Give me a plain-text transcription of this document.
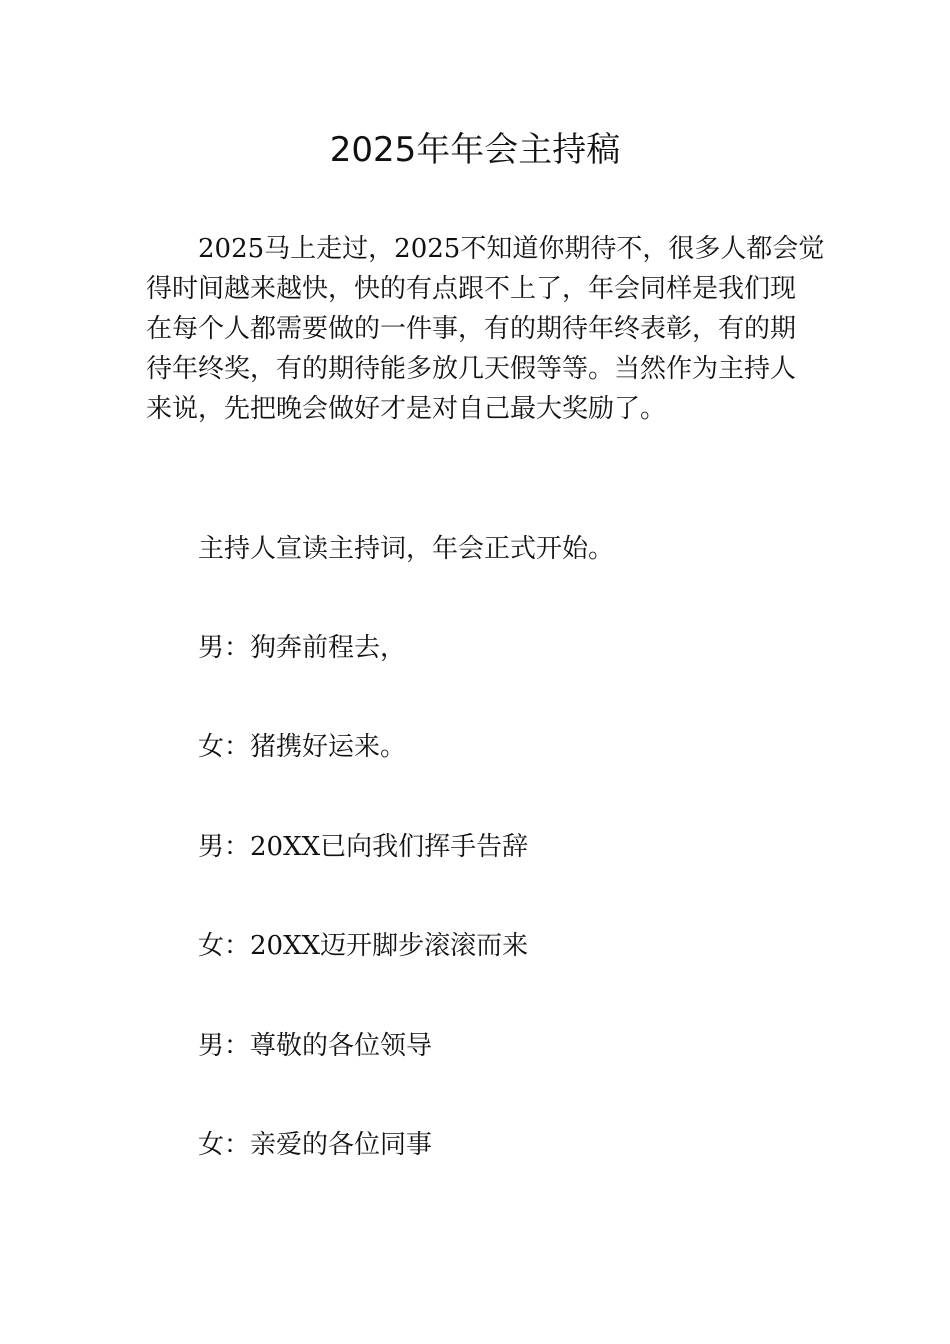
2025年年会主持稿
2025马上走过，2025不知道你期待不，很多人都会觉
得时间越来越快，快的有点跟不上了，年会同样是我们现
在每个人都需要做的一件事，有的期待年终表彰，有的期
待年终奖，有的期待能多放几天假等等。当然作为主持人
来说，先把晚会做好才是对自己最大奖励了。

主持人宣读主持词，年会正式开始。

男：狗奔前程去，

女：猪携好运来。

男：20XX已向我们挥手告辞

女：20XX迈开脚步滚滚而来

男：尊敬的各位领导

女：亲爱的各位同事
